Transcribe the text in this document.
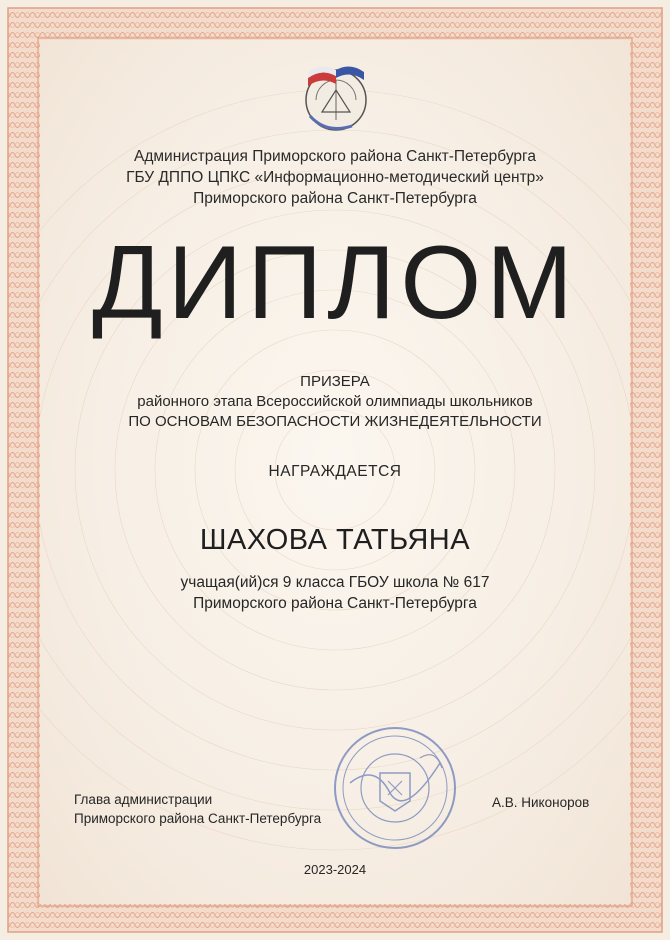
Администрация Приморского района Санкт-Петербурга
ГБУ ДППО ЦПКС «Информационно-методический центр»
Приморского района Санкт-Петербурга
ДИПЛОМ
ПРИЗЕРА
районного этапа Всероссийской олимпиады школьников
ПО ОСНОВАМ БЕЗОПАСНОСТИ ЖИЗНЕДЕЯТЕЛЬНОСТИ
НАГРАЖДАЕТСЯ
ШАХОВА ТАТЬЯНА
учащая(ий)ся 9 класса ГБОУ школа № 617
Приморского района Санкт-Петербурга
Глава администрации
Приморского района Санкт-Петербурга
А.В. Никоноров
2023-2024
